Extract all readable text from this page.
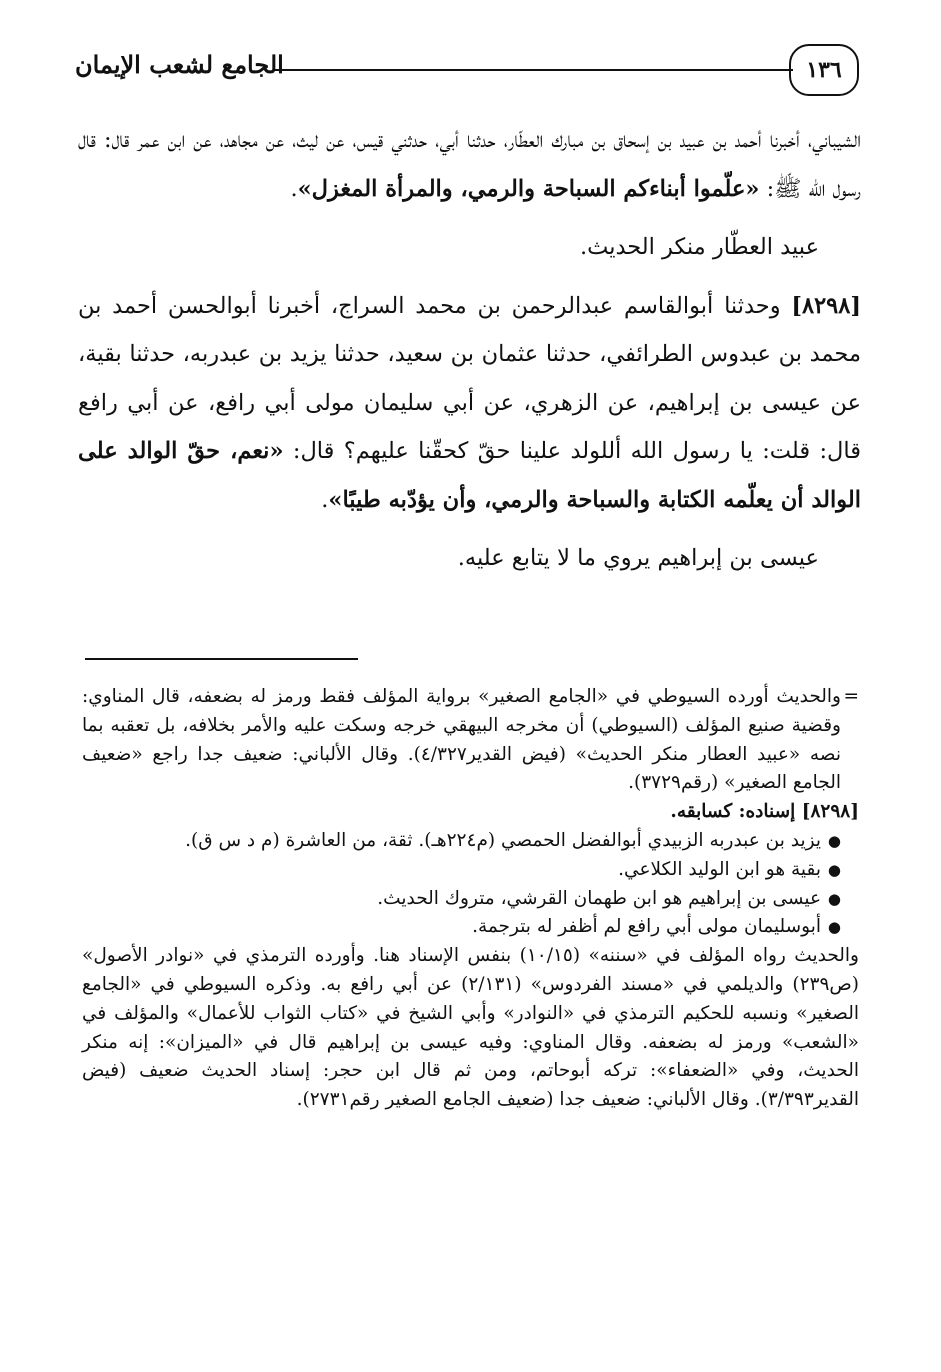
١٣٦
الجامع لشعب الإيمان

الشيباني، أخبرنا أحمد بن عبيد بن إسحاق بن مبارك العطّار، حدثنا أبي، حدثني قيس، عن ليث، عن مجاهد، عن ابن عمر قال: قال رسول الله ﷺ: «علّموا أبناءكم السباحة والرمي، والمرأة المغزل».

عبيد العطّار منكر الحديث.

[٨٢٩٨] وحدثنا أبوالقاسم عبدالرحمن بن محمد السراج، أخبرنا أبوالحسن أحمد بن محمد بن عبدوس الطرائفي، حدثنا عثمان بن سعيد، حدثنا يزيد بن عبدربه، حدثنا بقية، عن عيسى بن إبراهيم، عن الزهري، عن أبي سليمان مولى أبي رافع، عن أبي رافع قال: قلت: يا رسول الله أللولد علينا حقّ كحقّنا عليهم؟ قال: «نعم، حقّ الوالد على الوالد أن يعلّمه الكتابة والسباحة والرمي، وأن يؤدّبه طيبًا».

عيسى بن إبراهيم يروي ما لا يتابع عليه.

=
والحديث أورده السيوطي في «الجامع الصغير» برواية المؤلف فقط ورمز له بضعفه، قال المناوي: وقضية صنيع المؤلف (السيوطي) أن مخرجه البيهقي خرجه وسكت عليه والأمر بخلافه، بل تعقبه بما نصه «عبيد العطار منكر الحديث» (فيض القدير٤/٣٢٧). وقال الألباني: ضعيف جدا راجع «ضعيف الجامع الصغير» (رقم٣٧٢٩).

[٨٢٩٨] إسناده: كسابقه.

●
يزيد بن عبدربه الزبيدي أبوالفضل الحمصي (م٢٢٤هـ). ثقة، من العاشرة (م د س ق).
●
بقية هو ابن الوليد الكلاعي.
●
عيسى بن إبراهيم هو ابن طهمان القرشي، متروك الحديث.
●
أبوسليمان مولى أبي رافع لم أظفر له بترجمة.

والحديث رواه المؤلف في «سننه» (١٠/١٥) بنفس الإسناد هنا. وأورده الترمذي في «نوادر الأصول» (ص٢٣٩) والديلمي في «مسند الفردوس» (٢/١٣١) عن أبي رافع به. وذكره السيوطي في «الجامع الصغير» ونسبه للحكيم الترمذي في «النوادر» وأبي الشيخ في «كتاب الثواب للأعمال» والمؤلف في «الشعب» ورمز له بضعفه. وقال المناوي: وفيه عيسى بن إبراهيم قال في «الميزان»: إنه منكر الحديث، وفي «الضعفاء»: تركه أبوحاتم، ومن ثم قال ابن حجر: إسناد الحديث ضعيف (فيض القدير٣/٣٩٣). وقال الألباني: ضعيف جدا (ضعيف الجامع الصغير رقم٢٧٣١).
